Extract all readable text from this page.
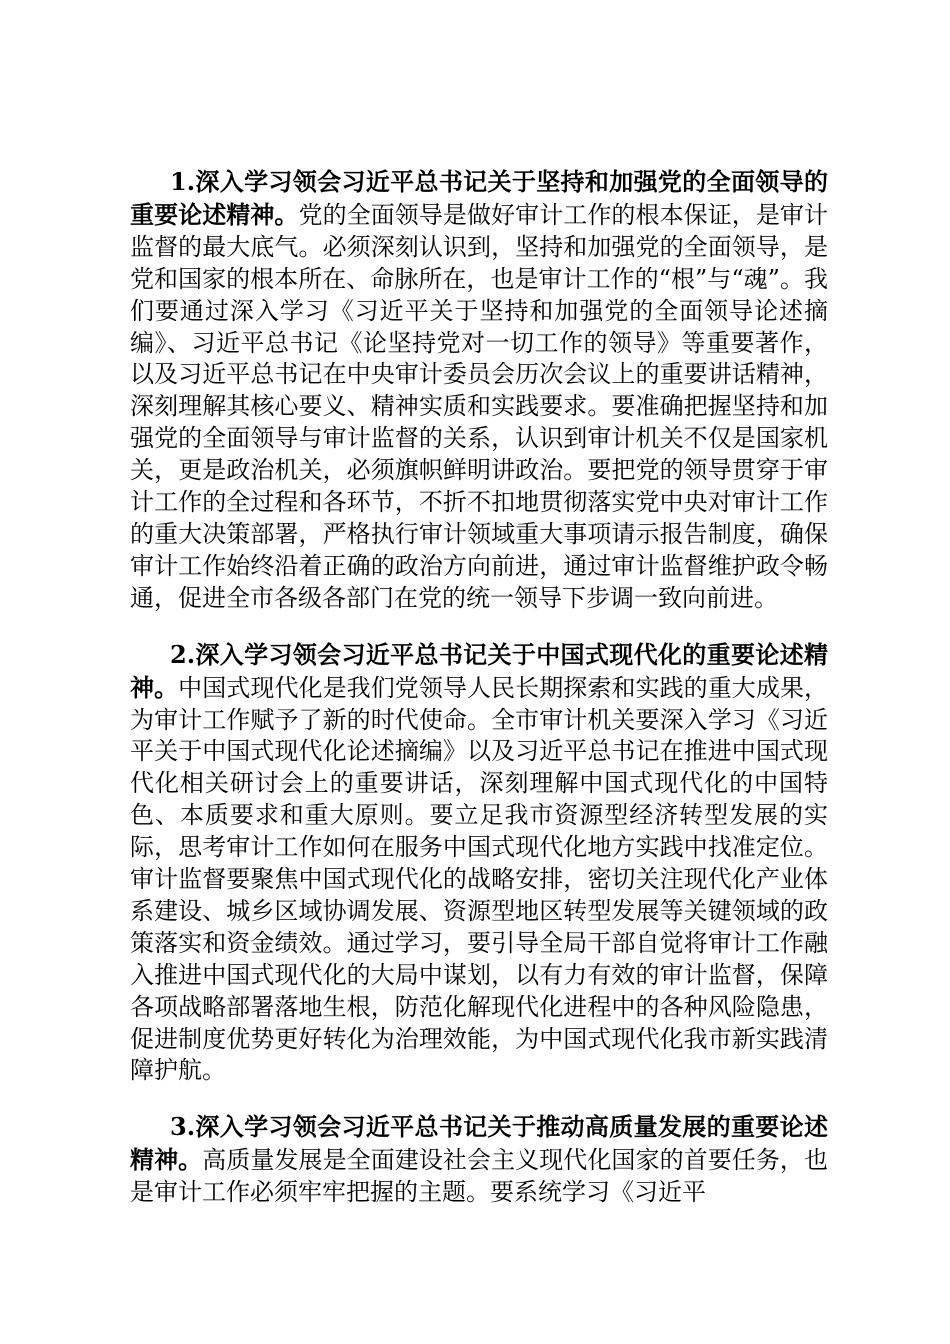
1.深入学习领会习近平总书记关于坚持和加强党的全面领导的重要论述精神。党的全面领导是做好审计工作的根本保证，是审计监督的最大底气。必须深刻认识到，坚持和加强党的全面领导，是党和国家的根本所在、命脉所在，也是审计工作的“根”与“魂”。我们要通过深入学习《习近平关于坚持和加强党的全面领导论述摘编》、习近平总书记《论坚持党对一切工作的领导》等重要著作，以及习近平总书记在中央审计委员会历次会议上的重要讲话精神，深刻理解其核心要义、精神实质和实践要求。要准确把握坚持和加强党的全面领导与审计监督的关系，认识到审计机关不仅是国家机关，更是政治机关，必须旗帜鲜明讲政治。要把党的领导贯穿于审计工作的全过程和各环节，不折不扣地贯彻落实党中央对审计工作的重大决策部署，严格执行审计领域重大事项请示报告制度，确保审计工作始终沿着正确的政治方向前进，通过审计监督维护政令畅通，促进全市各级各部门在党的统一领导下步调一致向前进。

2.深入学习领会习近平总书记关于中国式现代化的重要论述精神。中国式现代化是我们党领导人民长期探索和实践的重大成果，为审计工作赋予了新的时代使命。全市审计机关要深入学习《习近平关于中国式现代化论述摘编》以及习近平总书记在推进中国式现代化相关研讨会上的重要讲话，深刻理解中国式现代化的中国特色、本质要求和重大原则。要立足我市资源型经济转型发展的实际，思考审计工作如何在服务中国式现代化地方实践中找准定位。审计监督要聚焦中国式现代化的战略安排，密切关注现代化产业体系建设、城乡区域协调发展、资源型地区转型发展等关键领域的政策落实和资金绩效。通过学习，要引导全局干部自觉将审计工作融入推进中国式现代化的大局中谋划，以有力有效的审计监督，保障各项战略部署落地生根，防范化解现代化进程中的各种风险隐患，促进制度优势更好转化为治理效能，为中国式现代化我市新实践清障护航。

3.深入学习领会习近平总书记关于推动高质量发展的重要论述精神。高质量发展是全面建设社会主义现代化国家的首要任务，也是审计工作必须牢牢把握的主题。要系统学习《习近平
